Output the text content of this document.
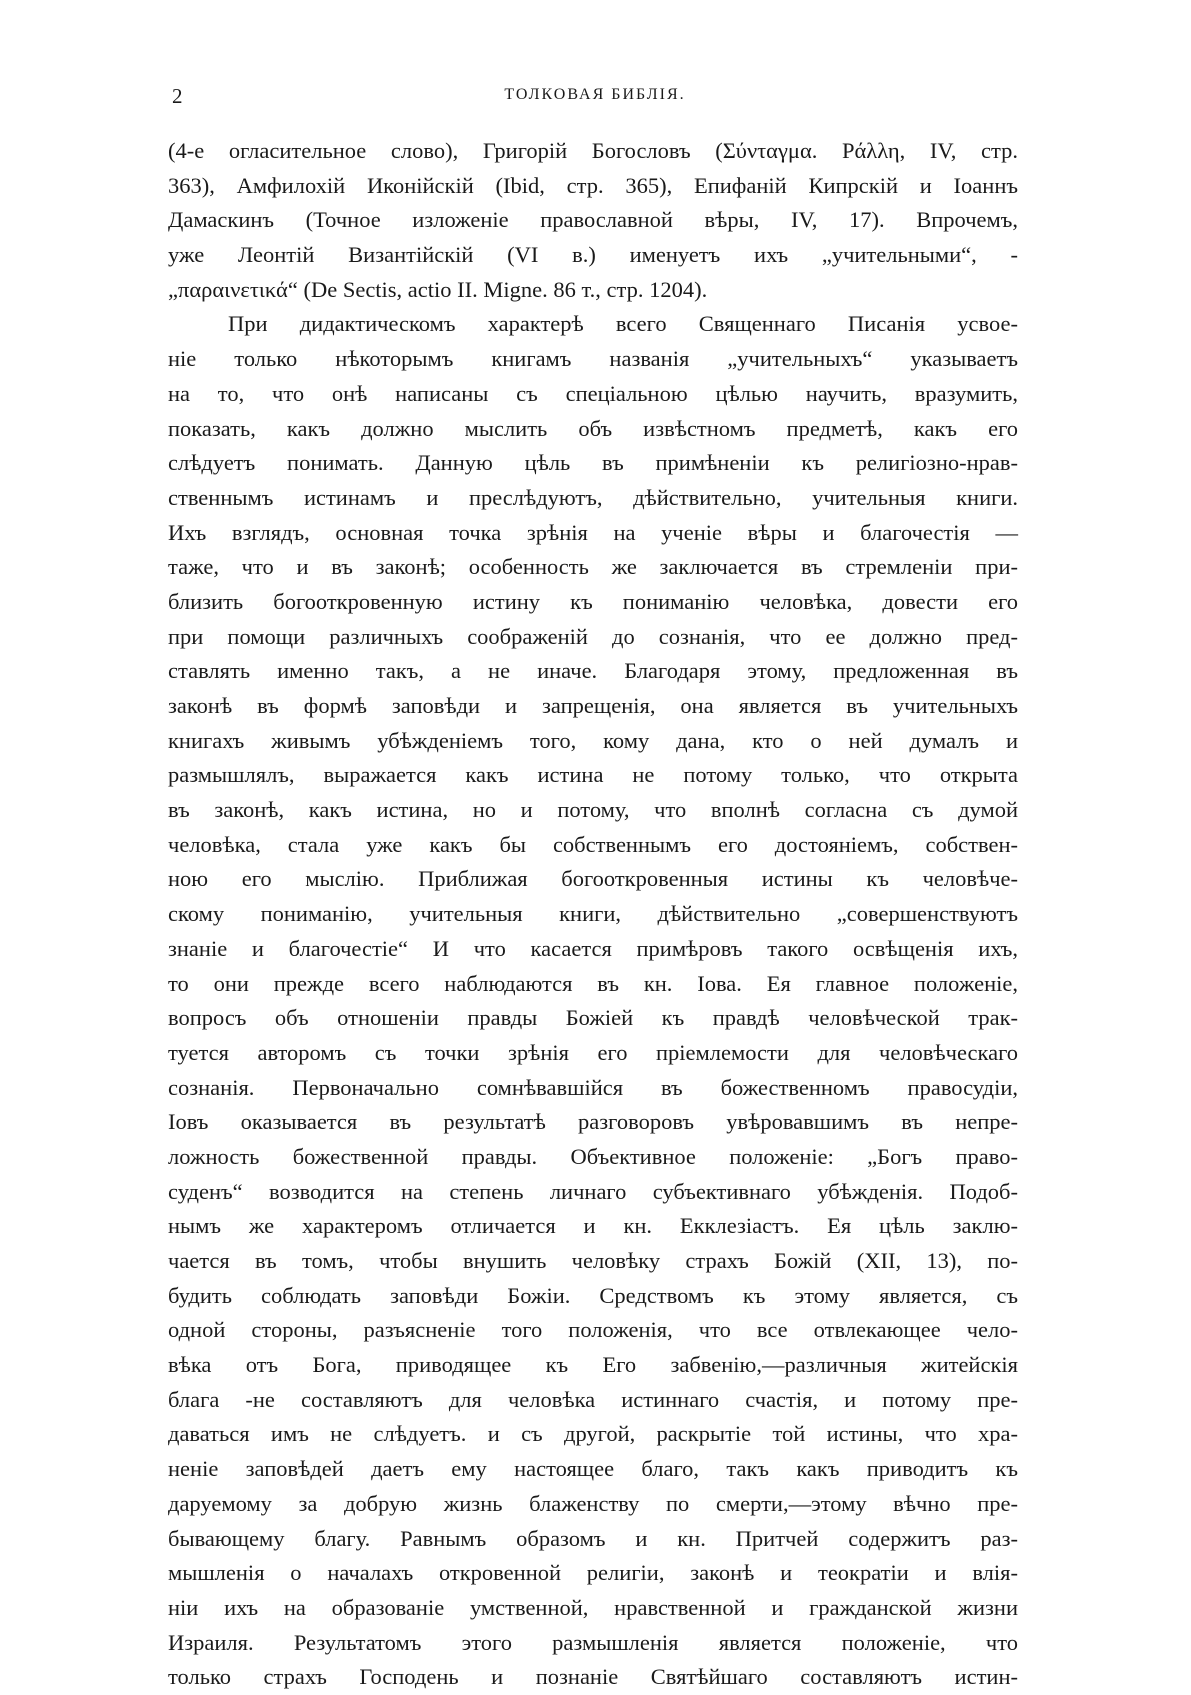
2	ТОЛКОВАЯ БИБЛІЯ.
(4-е огласительное слово), Григорій Богословъ (Σύνταγμα. Ράλλη, IV, стр.
363), Амфилохій Иконійскій (Ibid, стр. 365), Епифаній Кипрскій и Іоаннъ
Дамаскинъ (Точное изложеніе православной вѣры, IV, 17). Впрочемъ,
уже Леонтій Византійскій (VI в.) именуетъ ихъ „учительными“, -
„παραινετικά“ (De Sectis, actio II. Migne. 86 т., стр. 1204).
При дидактическомъ характерѣ всего Священнаго Писанія усвое-
ніе только нѣкоторымъ книгамъ названія „учительныхъ“ указываетъ
на то, что онѣ написаны съ спеціальною цѣлью научить, вразумить,
показать, какъ должно мыслить объ извѣстномъ предметѣ, какъ его
слѣдуетъ понимать. Данную цѣль въ примѣненіи къ религіозно-нрав-
ственнымъ истинамъ и преслѣдуютъ, дѣйствительно, учительныя книги.
Ихъ взглядъ, основная точка зрѣнія на ученіе вѣры и благочестія —
таже, что и въ законѣ; особенность же заключается въ стремленіи при-
близить богооткровенную истину къ пониманію человѣка, довести его
при помощи различныхъ соображеній до сознанія, что ее должно пред-
ставлять именно такъ, а не иначе. Благодаря этому, предложенная въ
законѣ въ формѣ заповѣди и запрещенія, она является въ учительныхъ
книгахъ живымъ убѣжденіемъ того, кому дана, кто о ней думалъ и
размышлялъ, выражается какъ истина не потому только, что открыта
въ законѣ, какъ истина, но и потому, что вполнѣ согласна съ думой
человѣка, стала уже какъ бы собственнымъ его достояніемъ, собствен-
ною его мыслію. Приближая богооткровенныя истины къ человѣче-
скому пониманію, учительныя книги, дѣйствительно „совершенствуютъ
знаніе и благочестіе“ И что касается примѣровъ такого освѣщенія ихъ,
то они прежде всего наблюдаются въ кн. Іова. Ея главное положеніе,
вопросъ объ отношеніи правды Божіей къ правдѣ человѣческой трак-
туется авторомъ съ точки зрѣнія его пріемлемости для человѣческаго
сознанія. Первоначально сомнѣвавшійся въ божественномъ правосудіи,
Іовъ оказывается въ результатѣ разговоровъ увѣровавшимъ въ непре-
ложность божественной правды. Объективное положеніе: „Богъ право-
суденъ“ возводится на степень личнаго субъективнаго убѣжденія. Подоб-
нымъ же характеромъ отличается и кн. Екклезіастъ. Ея цѣль заклю-
чается въ томъ, чтобы внушить человѣку страхъ Божій (XII, 13), по-
будить соблюдать заповѣди Божіи. Средствомъ къ этому является, съ
одной стороны, разъясненіе того положенія, что все отвлекающее чело-
вѣка отъ Бога, приводящее къ Его забвенію,—различныя житейскія
блага -не составляютъ для человѣка истиннаго счастія, и потому пре-
даваться имъ не слѣдуетъ. и съ другой, раскрытіе той истины, что хра-
неніе заповѣдей даетъ ему настоящее благо, такъ какъ приводитъ къ
даруемому за добрую жизнь блаженству по смерти,—этому вѣчно пре-
бывающему благу. Равнымъ образомъ и кн. Притчей содержитъ раз-
мышленія о началахъ откровенной религіи, законѣ и теократіи и влія-
ніи ихъ на образованіе умственной, нравственной и гражданской жизни
Израиля. Результатомъ этого размышленія является положеніе, что
только страхъ Господень и познаніе Святѣйшаго составляютъ истин-
